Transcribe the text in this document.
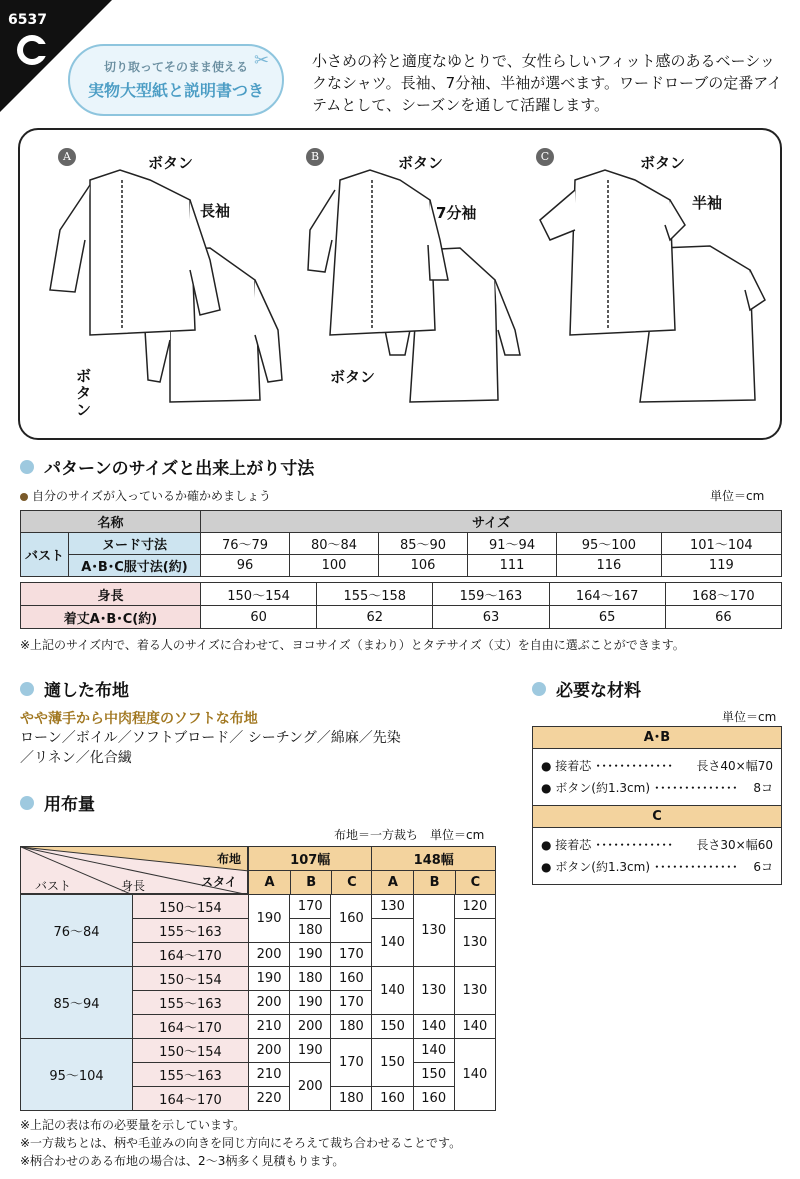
6537
切り取ってそのまま使える
実物大型紙と説明書つき
✂	小さめの衿と適度なゆとりで、女性らしいフィット感のあるベーシックなシャツ。長袖、7分袖、半袖が選べます。ワードローブの定番アイテムとして、シーズンを通して活躍します。
A	ボタン
長袖
ボタン
B	ボタン
7分袖
ボタン
C	ボタン
半袖
パターンのサイズと出来上がり寸法
自分のサイズが入っているか確かめましょう	単位＝cm
名称		サイズ					
バスト	ヌード寸法	76〜79	80〜84	85〜90	91〜94	95〜100	101〜104
	A･B･C服寸法(約)	96	100	106	111	116	119
身長	150〜154	155〜158	159〜163	164〜167	168〜170
着丈A･B･C(約)	60	62	63	65	66
※上記のサイズ内で、着る人のサイズに合わせて、ヨコサイズ（まわり）とタテサイズ（丈）を自由に選ぶことができます。
適した布地
やや薄手から中肉程度のソフトな布地
ローン／ボイル／ソフトブロード／ シーチング／綿麻／先染
／リネン／化合繊
必要な材料
単位＝cm
A･B
● 接着芯 ･････････････ 長さ40×幅70
● ボタン(約1.3cm) ･･････････････ 8コ
C
● 接着芯 ･････････････ 長さ30×幅60
● ボタン(約1.3cm) ･･････････････ 6コ
用布量
布地＝一方裁ち　単位＝cm
布地
スタイ
バスト	身長
107幅			148幅		
A	B	C	A	B	C
76〜84	150〜154	190	170	160	130	130	120
	155〜163		180		140		130
	164〜170	200	190	170			
85〜94	150〜154	190	180	160	140	130	130
	155〜163	200	190	170			
	164〜170	210	200	180	150	140	140
95〜104	150〜154	200	190	170	150	140	140
	155〜163	210	200			150	
	164〜170	220		180	160	160	
※上記の表は布の必要量を示しています。
※一方裁ちとは、柄や毛並みの向きを同じ方向にそろえて裁ち合わせることです。
※柄合わせのある布地の場合は、2〜3柄多く見積もります。
